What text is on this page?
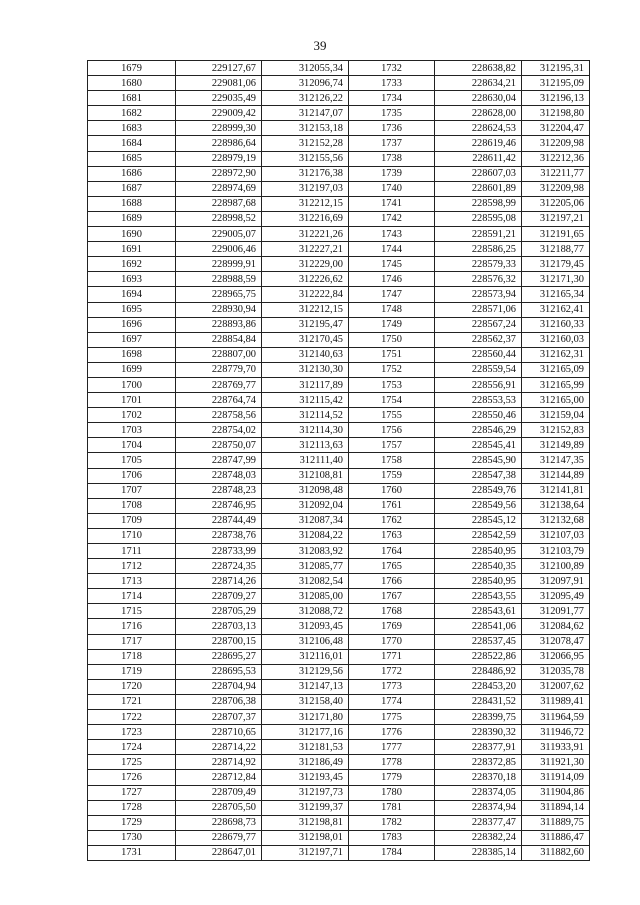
39
1679	229127,67	312055,34	1732	228638,82	312195,31
1680	229081,06	312096,74	1733	228634,21	312195,09
1681	229035,49	312126,22	1734	228630,04	312196,13
1682	229009,42	312147,07	1735	228628,00	312198,80
1683	228999,30	312153,18	1736	228624,53	312204,47
1684	228986,64	312152,28	1737	228619,46	312209,98
1685	228979,19	312155,56	1738	228611,42	312212,36
1686	228972,90	312176,38	1739	228607,03	312211,77
1687	228974,69	312197,03	1740	228601,89	312209,98
1688	228987,68	312212,15	1741	228598,99	312205,06
1689	228998,52	312216,69	1742	228595,08	312197,21
1690	229005,07	312221,26	1743	228591,21	312191,65
1691	229006,46	312227,21	1744	228586,25	312188,77
1692	228999,91	312229,00	1745	228579,33	312179,45
1693	228988,59	312226,62	1746	228576,32	312171,30
1694	228965,75	312222,84	1747	228573,94	312165,34
1695	228930,94	312212,15	1748	228571,06	312162,41
1696	228893,86	312195,47	1749	228567,24	312160,33
1697	228854,84	312170,45	1750	228562,37	312160,03
1698	228807,00	312140,63	1751	228560,44	312162,31
1699	228779,70	312130,30	1752	228559,54	312165,09
1700	228769,77	312117,89	1753	228556,91	312165,99
1701	228764,74	312115,42	1754	228553,53	312165,00
1702	228758,56	312114,52	1755	228550,46	312159,04
1703	228754,02	312114,30	1756	228546,29	312152,83
1704	228750,07	312113,63	1757	228545,41	312149,89
1705	228747,99	312111,40	1758	228545,90	312147,35
1706	228748,03	312108,81	1759	228547,38	312144,89
1707	228748,23	312098,48	1760	228549,76	312141,81
1708	228746,95	312092,04	1761	228549,56	312138,64
1709	228744,49	312087,34	1762	228545,12	312132,68
1710	228738,76	312084,22	1763	228542,59	312107,03
1711	228733,99	312083,92	1764	228540,95	312103,79
1712	228724,35	312085,77	1765	228540,35	312100,89
1713	228714,26	312082,54	1766	228540,95	312097,91
1714	228709,27	312085,00	1767	228543,55	312095,49
1715	228705,29	312088,72	1768	228543,61	312091,77
1716	228703,13	312093,45	1769	228541,06	312084,62
1717	228700,15	312106,48	1770	228537,45	312078,47
1718	228695,27	312116,01	1771	228522,86	312066,95
1719	228695,53	312129,56	1772	228486,92	312035,78
1720	228704,94	312147,13	1773	228453,20	312007,62
1721	228706,38	312158,40	1774	228431,52	311989,41
1722	228707,37	312171,80	1775	228399,75	311964,59
1723	228710,65	312177,16	1776	228390,32	311946,72
1724	228714,22	312181,53	1777	228377,91	311933,91
1725	228714,92	312186,49	1778	228372,85	311921,30
1726	228712,84	312193,45	1779	228370,18	311914,09
1727	228709,49	312197,73	1780	228374,05	311904,86
1728	228705,50	312199,37	1781	228374,94	311894,14
1729	228698,73	312198,81	1782	228377,47	311889,75
1730	228679,77	312198,01	1783	228382,24	311886,47
1731	228647,01	312197,71	1784	228385,14	311882,60
